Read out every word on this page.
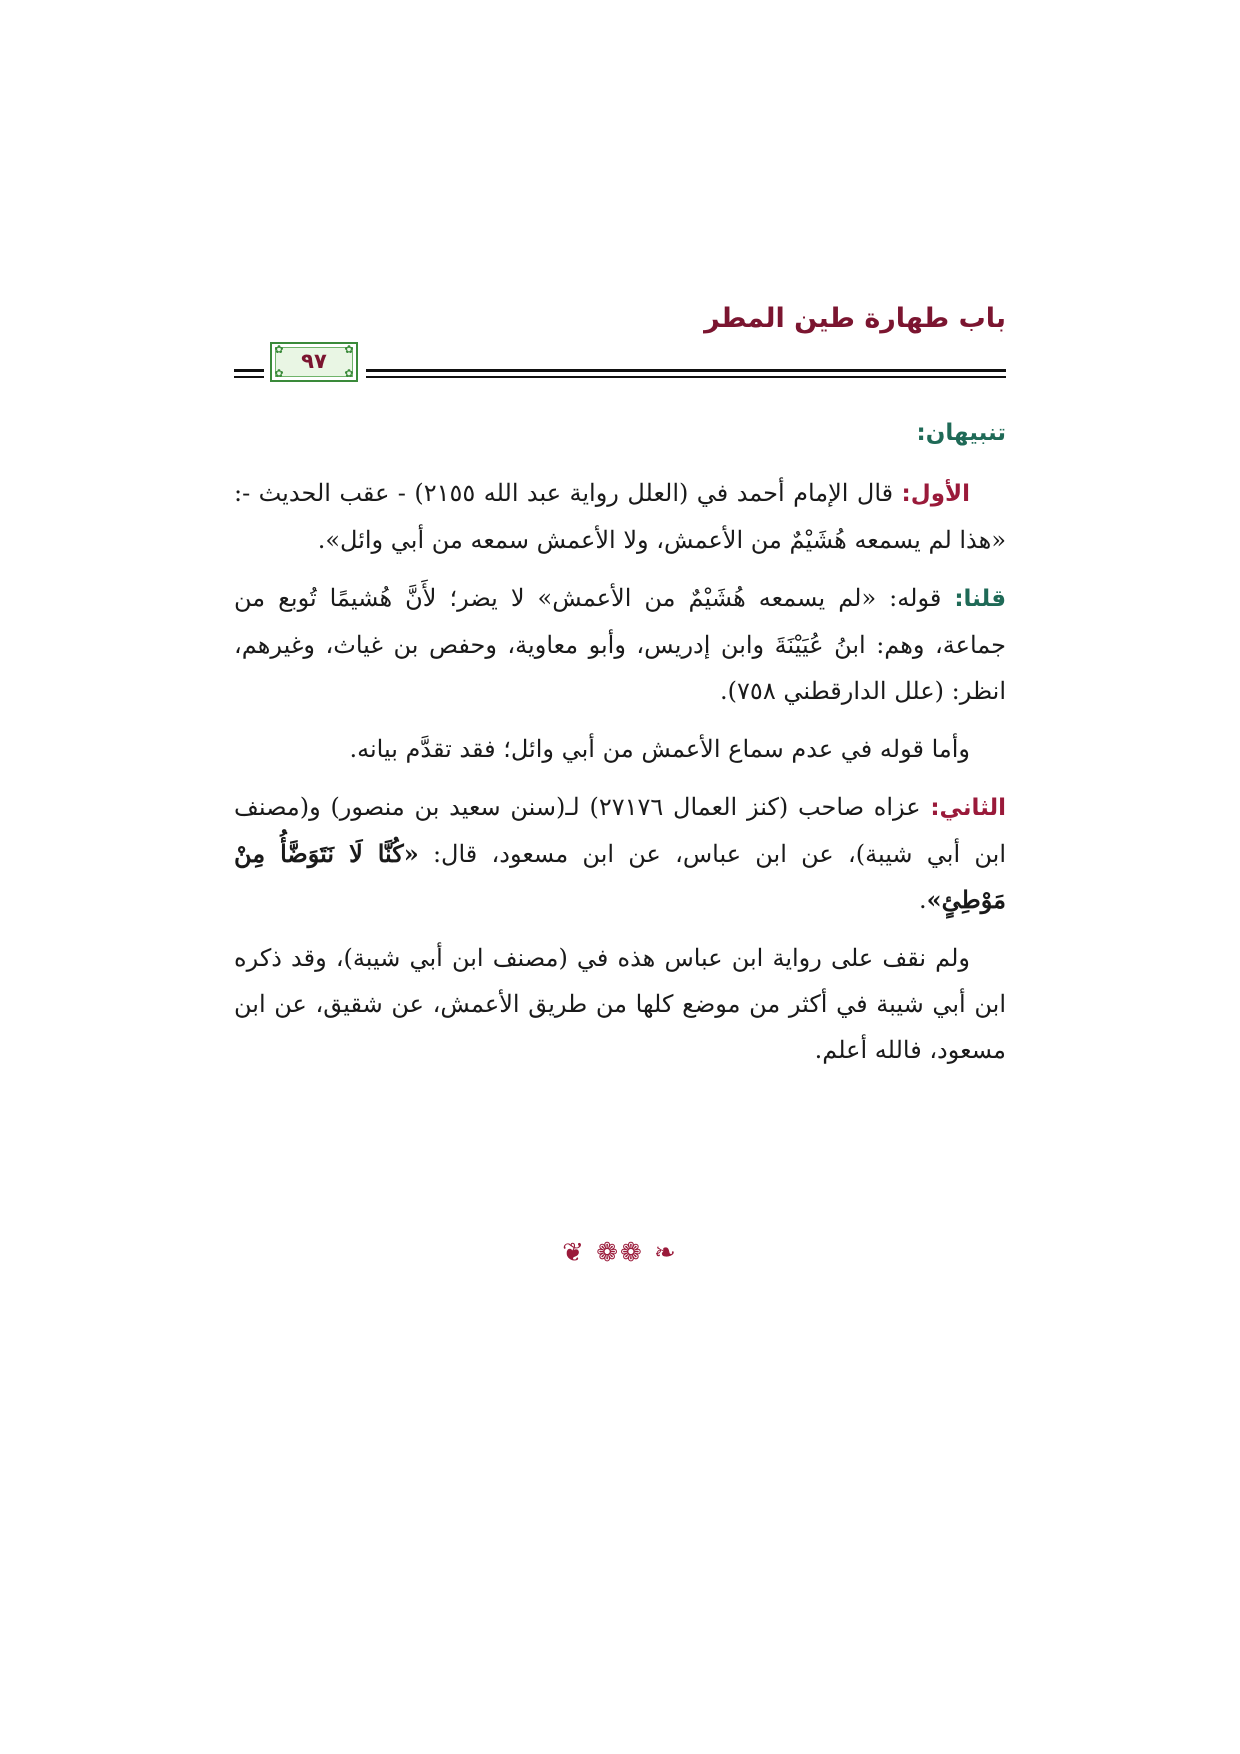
باب طهارة طين المطر
✿	✿
✿	✿
٩٧
تنبيهان:

الأول: قال الإمام أحمد في (العلل رواية عبد الله ٢١٥٥) - عقب الحديث -: «هذا لم يسمعه هُشَيْمٌ من الأعمش، ولا الأعمش سمعه من أبي وائل».

قلنا: قوله: «لم يسمعه هُشَيْمٌ من الأعمش» لا يضر؛ لأَنَّ هُشيمًا تُوبع من جماعة، وهم: ابنُ عُيَيْنَةَ وابن إدريس، وأبو معاوية، وحفص بن غياث، وغيرهم، انظر: (علل الدارقطني ٧٥٨).

وأما قوله في عدم سماع الأعمش من أبي وائل؛ فقد تقدَّم بيانه.

الثاني: عزاه صاحب (كنز العمال ٢٧١٧٦) لـ(سنن سعيد بن منصور) و(مصنف ابن أبي شيبة)، عن ابن عباس، عن ابن مسعود، قال: «كُنَّا لَا نَتَوَضَّأُ مِنْ مَوْطِئٍ».

ولم نقف على رواية ابن عباس هذه في (مصنف ابن أبي شيبة)، وقد ذكره ابن أبي شيبة في أكثر من موضع كلها من طريق الأعمش، عن شقيق، عن ابن مسعود، فالله أعلم.

❦ ❁❁ ❧
